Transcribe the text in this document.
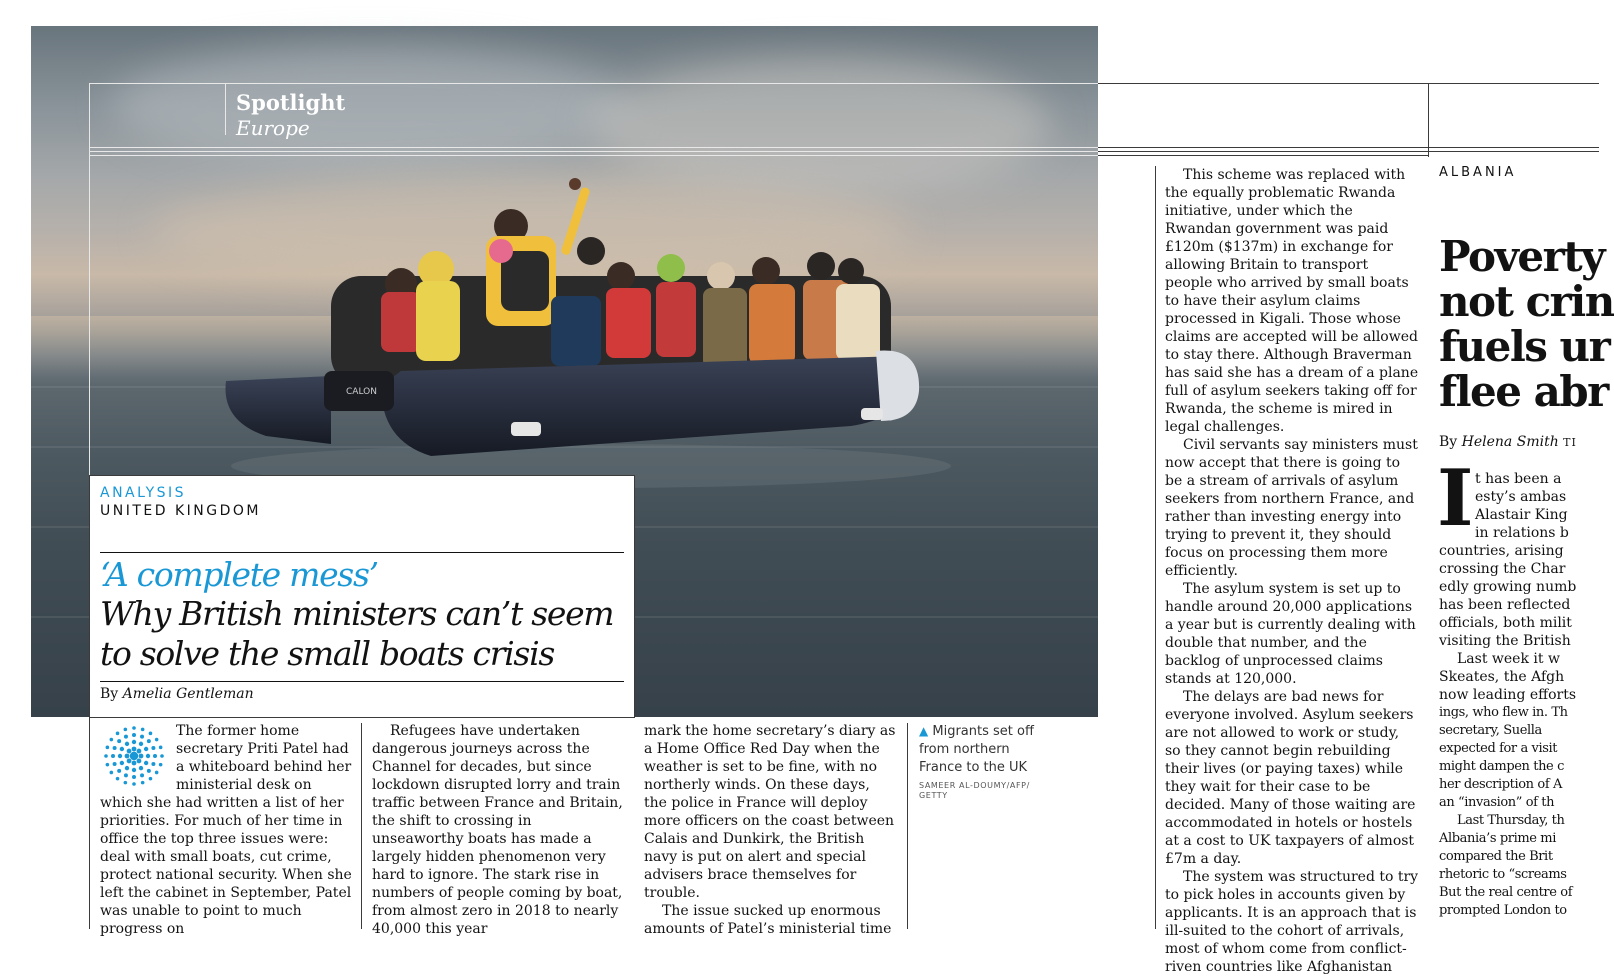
CALON
Spotlight
Europe
ANALYSIS
UNITED KINGDOM
‘A complete mess’
Why British ministers can’t seem to solve the small boats crisis
By Amelia Gentleman

The former home secretary Priti Patel had a whiteboard behind her ministerial desk on which she had written a list of her priorities. For much of her time in office the top three issues were: deal with small boats, cut crime, protect national security. When she left the cabinet in September, Patel was unable to point to much progress on

Refugees have undertaken dangerous journeys across the Channel for decades, but since lockdown disrupted lorry and train traffic between France and Britain, the shift to crossing in unseaworthy boats has made a largely hidden phenomenon very hard to ignore. The stark rise in numbers of people coming by boat, from almost zero in 2018 to nearly 40,000 this year

mark the home secretary’s diary as a Home Office Red Day when the weather is set to be fine, with no northerly winds. On these days, the police in France will deploy more officers on the coast between Calais and Dunkirk, the British navy is put on alert and special advisers brace themselves for trouble.

The issue sucked up enormous amounts of Patel’s ministerial time

▲ Migrants set off from northern France to the UK
SAMEER AL-DOUMY/AFP/ GETTY

This scheme was replaced with the equally problematic Rwanda initiative, under which the Rwandan government was paid £120m ($137m) in exchange for allowing Britain to transport people who arrived by small boats to have their asylum claims processed in Kigali. Those whose claims are accepted will be allowed to stay there. Although Braverman has said she has a dream of a plane full of asylum seekers taking off for Rwanda, the scheme is mired in legal challenges.

Civil servants say ministers must now accept that there is going to be a stream of arrivals of asylum seekers from northern France, and rather than investing energy into trying to prevent it, they should focus on processing them more efficiently.

The asylum system is set up to handle around 20,000 applications a year but is currently dealing with double that number, and the backlog of unprocessed claims stands at 120,000.

The delays are bad news for everyone involved. Asylum seekers are not allowed to work or study, so they cannot begin rebuilding their lives (or paying taxes) while they wait for their case to be decided. Many of those waiting are accommodated in hotels or hostels at a cost to UK taxpayers of almost £7m a day.

The system was structured to try to pick holes in accounts given by applicants. It is an approach that is ill-suited to the cohort of arrivals, most of whom come from conflict-riven countries like Afghanistan

ALBANIA
Poverty
not crin
fuels ur
flee abr
By Helena Smith TI
I t has been a
esty’s ambas
Alastair King
in relations b
countries, arising
crossing the Char
edly growing numb
has been reflected
officials, both milit
visiting the British
Last week it w
Skeates, the Afgh
now leading efforts
ings, who flew in. Th
secretary, Suella
expected for a visit
might dampen the c
her description of A
an “invasion” of th
Last Thursday, th
Albania’s prime mi
compared the Brit
rhetoric to “screams
But the real centre of
prompted London to
